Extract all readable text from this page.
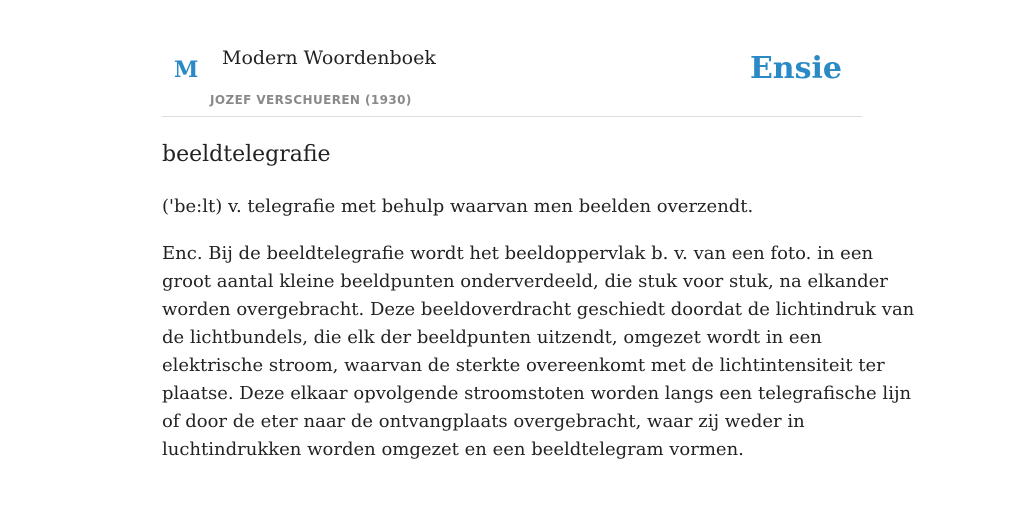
M Modern Woordenboek
JOZEF VERSCHUEREN (1930)
Ensie
beeldtelegrafie

('be:lt) v. telegrafie met behulp waarvan men beelden overzendt.

Enc. Bij de beeldtelegrafie wordt het beeldoppervlak b. v. van een foto. in een
groot aantal kleine beeldpunten onderverdeeld, die stuk voor stuk, na elkander
worden overgebracht. Deze beeldoverdracht geschiedt doordat de lichtindruk van
de lichtbundels, die elk der beeldpunten uitzendt, omgezet wordt in een
elektrische stroom, waarvan de sterkte overeenkomt met de lichtintensiteit ter
plaatse. Deze elkaar opvolgende stroomstoten worden langs een telegrafische lijn
of door de eter naar de ontvangplaats overgebracht, waar zij weder in
luchtindrukken worden omgezet en een beeldtelegram vormen.
